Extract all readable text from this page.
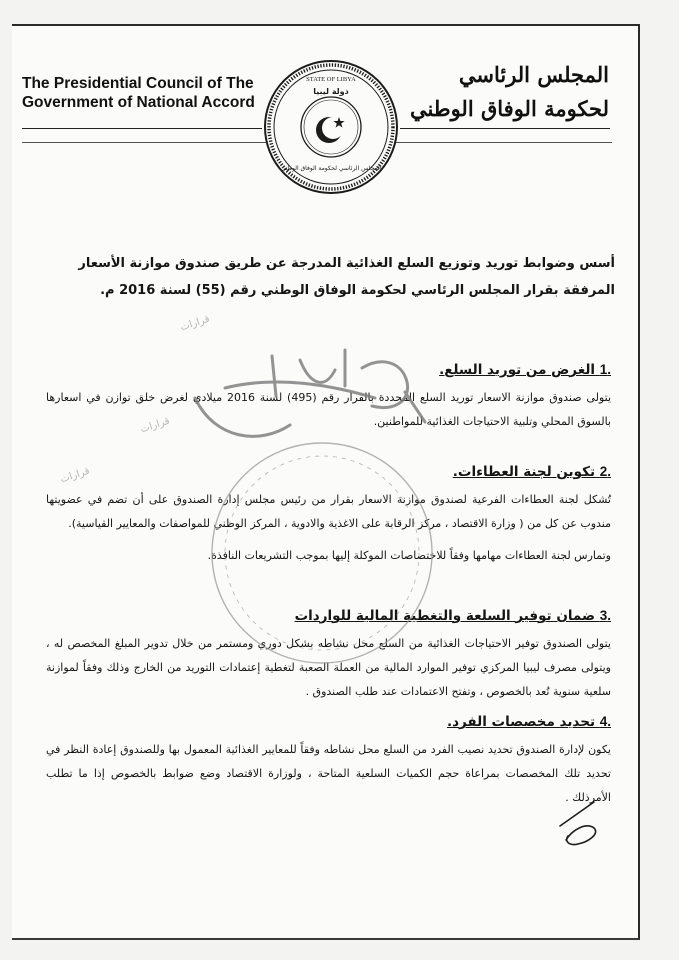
The Presidential Council of The
Government of National Accord
المجلس الرئاسي
لحكومة الوفاق الوطني
STATE OF LIBYA
دولة ليبيا
المجلس الرئاسي لحكومة الوفاق الوطني
أسس وضوابط توريد وتوزيع السلع الغذائية المدرجة عن طريق صندوق موازنة الأسعار المرفقة بقرار المجلس الرئاسي لحكومة الوفاق الوطني رقم (55) لسنة 2016 م.
.1 الغرض من توريد السلع.

يتولى صندوق موازنة الاسعار توريد السلع المحددة بالقرار رقم (495) لسنة 2016 ميلادي لغرض خلق توازن في اسعارها بالسوق المحلي وتلبية الاحتياجات الغذائية للمواطنين.

.2 تكوين لجنة العطاءات.

تُشكل لجنة العطاءات الفرعية لصندوق موازنة الاسعار بقرار من رئيس مجلس إدارة الصندوق على أن تضم في عضويتها مندوب عن كل من ( وزارة الاقتصاد ، مركز الرقابة على الاغذية والادوية ، المركز الوطني للمواصفات والمعايير القياسية).

وتمارس لجنة العطاءات مهامها وفقاً للاختصاصات الموكلة إليها بموجب التشريعات النافذة.

.3 ضمان توفير السلعة والتغطية المالية للواردات

يتولى الصندوق توفير الاحتياجات الغذائية من السلع محل نشاطه بشكل دوري ومستمر من خلال تدوير المبلغ المخصص له ، ويتولى مصرف ليبيا المركزي توفير الموارد المالية من العملة الصعبة لتغطية إعتمادات التوريد من الخارج وذلك وفقاً لموازنة سلعية سنوية تُعد بالخصوص ، وتفتح الاعتمادات عند طلب الصندوق .

.4 تحديد مخصصات الفرد.

يكون لإدارة الصندوق تحديد نصيب الفرد من السلع محل نشاطه وفقاً للمعايير الغذائية المعمول بها وللصندوق إعادة النظر في تحديد تلك المخصصات بمراعاة حجم الكميات السلعية المتاحة ، ولوزارة الاقتصاد وضع ضوابط بالخصوص إذا ما تطلب الأمرذلك .

قرارات
قرارات
قرارات
